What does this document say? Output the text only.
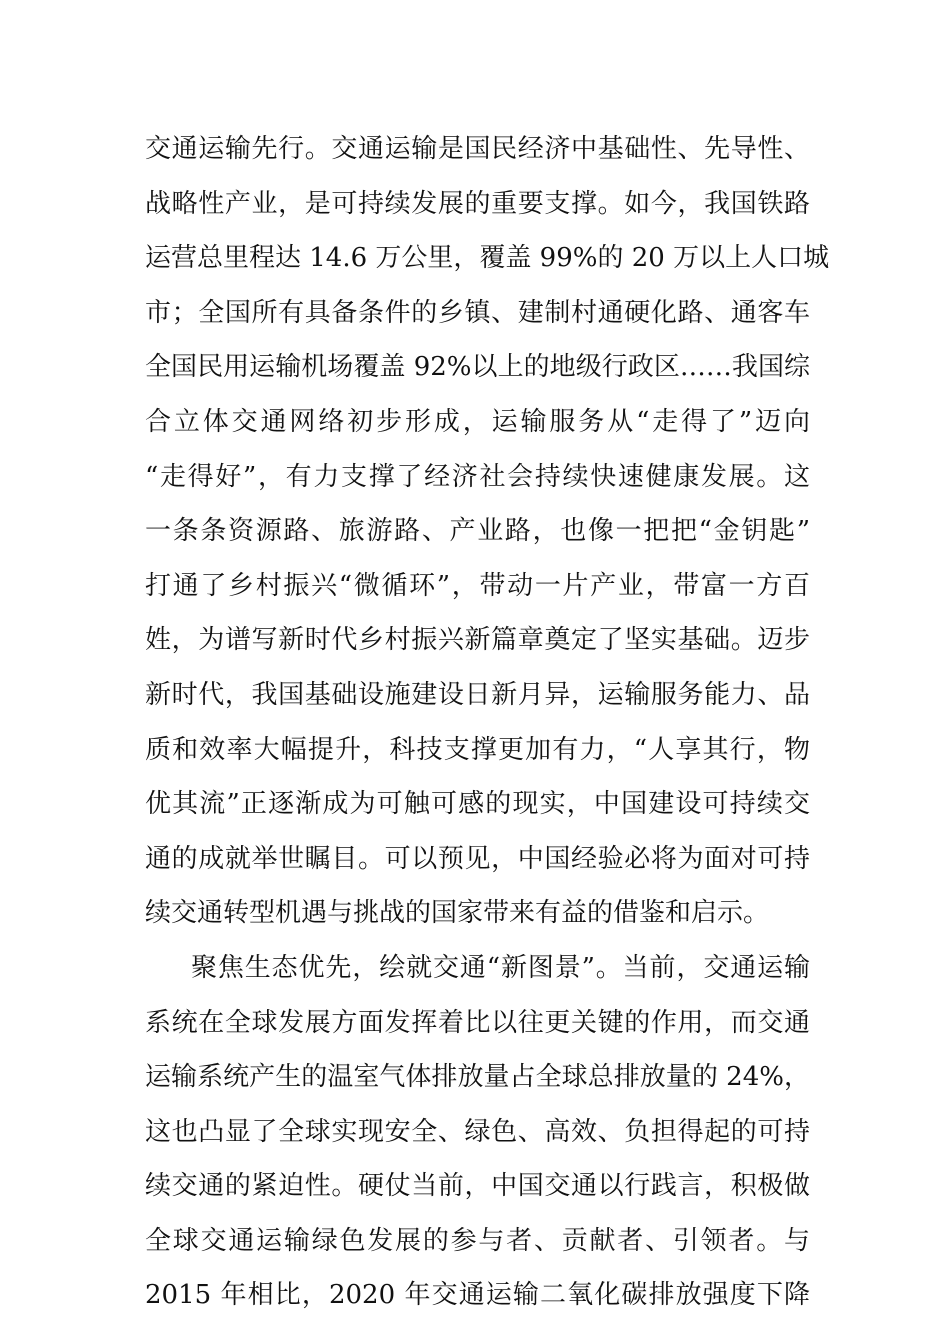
交通运输先行。交通运输是国民经济中基础性、先导性、
战略性产业，是可持续发展的重要支撑。如今，我国铁路
运营总里程达 14.6 万公里，覆盖 99%的 20 万以上人口城
市；全国所有具备条件的乡镇、建制村通硬化路、通客车
全国民用运输机场覆盖 92%以上的地级行政区……我国综
合立体交通网络初步形成，运输服务从“走得了”迈向
“走得好”，有力支撑了经济社会持续快速健康发展。这
一条条资源路、旅游路、产业路，也像一把把“金钥匙”
打通了乡村振兴“微循环”，带动一片产业，带富一方百
姓，为谱写新时代乡村振兴新篇章奠定了坚实基础。迈步
新时代，我国基础设施建设日新月异，运输服务能力、品
质和效率大幅提升，科技支撑更加有力，“人享其行，物
优其流”正逐渐成为可触可感的现实，中国建设可持续交
通的成就举世瞩目。可以预见，中国经验必将为面对可持
续交通转型机遇与挑战的国家带来有益的借鉴和启示。
聚焦生态优先，绘就交通“新图景”。当前，交通运输
系统在全球发展方面发挥着比以往更关键的作用，而交通
运输系统产生的温室气体排放量占全球总排放量的 24%，
这也凸显了全球实现安全、绿色、高效、负担得起的可持
续交通的紧迫性。硬仗当前，中国交通以行践言，积极做
全球交通运输绿色发展的参与者、贡献者、引领者。与
2015 年相比，2020 年交通运输二氧化碳排放强度下降
